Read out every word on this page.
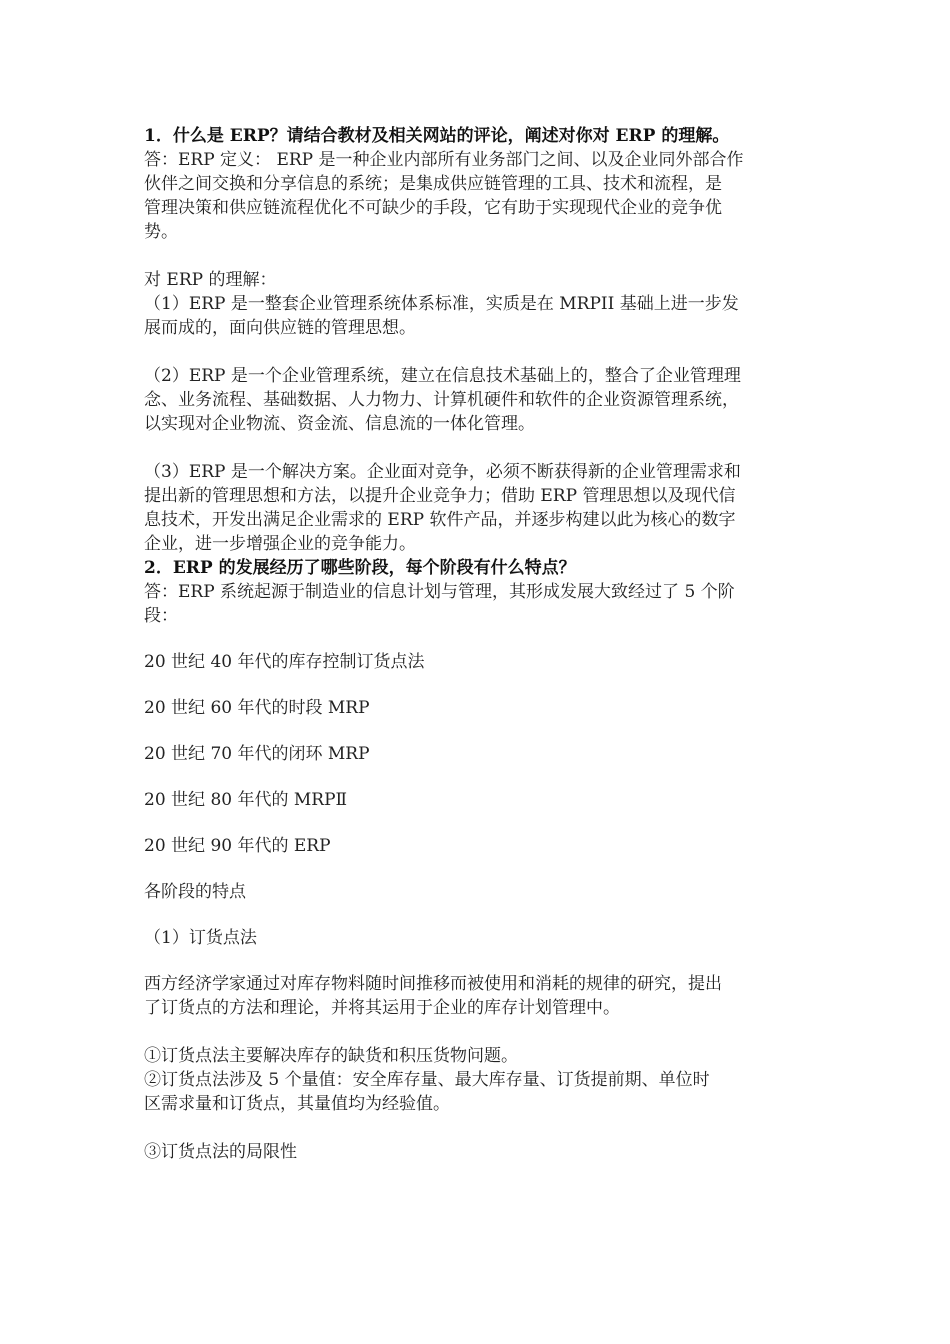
1．什么是 ERP？请结合教材及相关网站的评论，阐述对你对 ERP 的理解。

答：ERP 定义： ERP 是一种企业内部所有业务部门之间、以及企业同外部合作

伙伴之间交换和分享信息的系统；是集成供应链管理的工具、技术和流程，是

管理决策和供应链流程优化不可缺少的手段，它有助于实现现代企业的竞争优

势。

对 ERP 的理解：

（1）ERP 是一整套企业管理系统体系标准，实质是在 MRPII 基础上进一步发

展而成的，面向供应链的管理思想。

（2）ERP 是一个企业管理系统，建立在信息技术基础上的，整合了企业管理理

念、业务流程、基础数据、人力物力、计算机硬件和软件的企业资源管理系统，

以实现对企业物流、资金流、信息流的一体化管理。

（3）ERP 是一个解决方案。企业面对竞争，必须不断获得新的企业管理需求和

提出新的管理思想和方法，以提升企业竞争力；借助 ERP 管理思想以及现代信

息技术，开发出满足企业需求的 ERP 软件产品，并逐步构建以此为核心的数字

企业，进一步增强企业的竞争能力。

2．ERP 的发展经历了哪些阶段，每个阶段有什么特点？

答：ERP 系统起源于制造业的信息计划与管理，其形成发展大致经过了 5 个阶

段：

20 世纪 40 年代的库存控制订货点法

20 世纪 60 年代的时段 MRP

20 世纪 70 年代的闭环 MRP

20 世纪 80 年代的 MRPⅡ

20 世纪 90 年代的 ERP

各阶段的特点

（1）订货点法

西方经济学家通过对库存物料随时间推移而被使用和消耗的规律的研究，提出

了订货点的方法和理论，并将其运用于企业的库存计划管理中。

①订货点法主要解决库存的缺货和积压货物问题。

②订货点法涉及 5 个量值：安全库存量、最大库存量、订货提前期、单位时

区需求量和订货点，其量值均为经验值。

③订货点法的局限性
